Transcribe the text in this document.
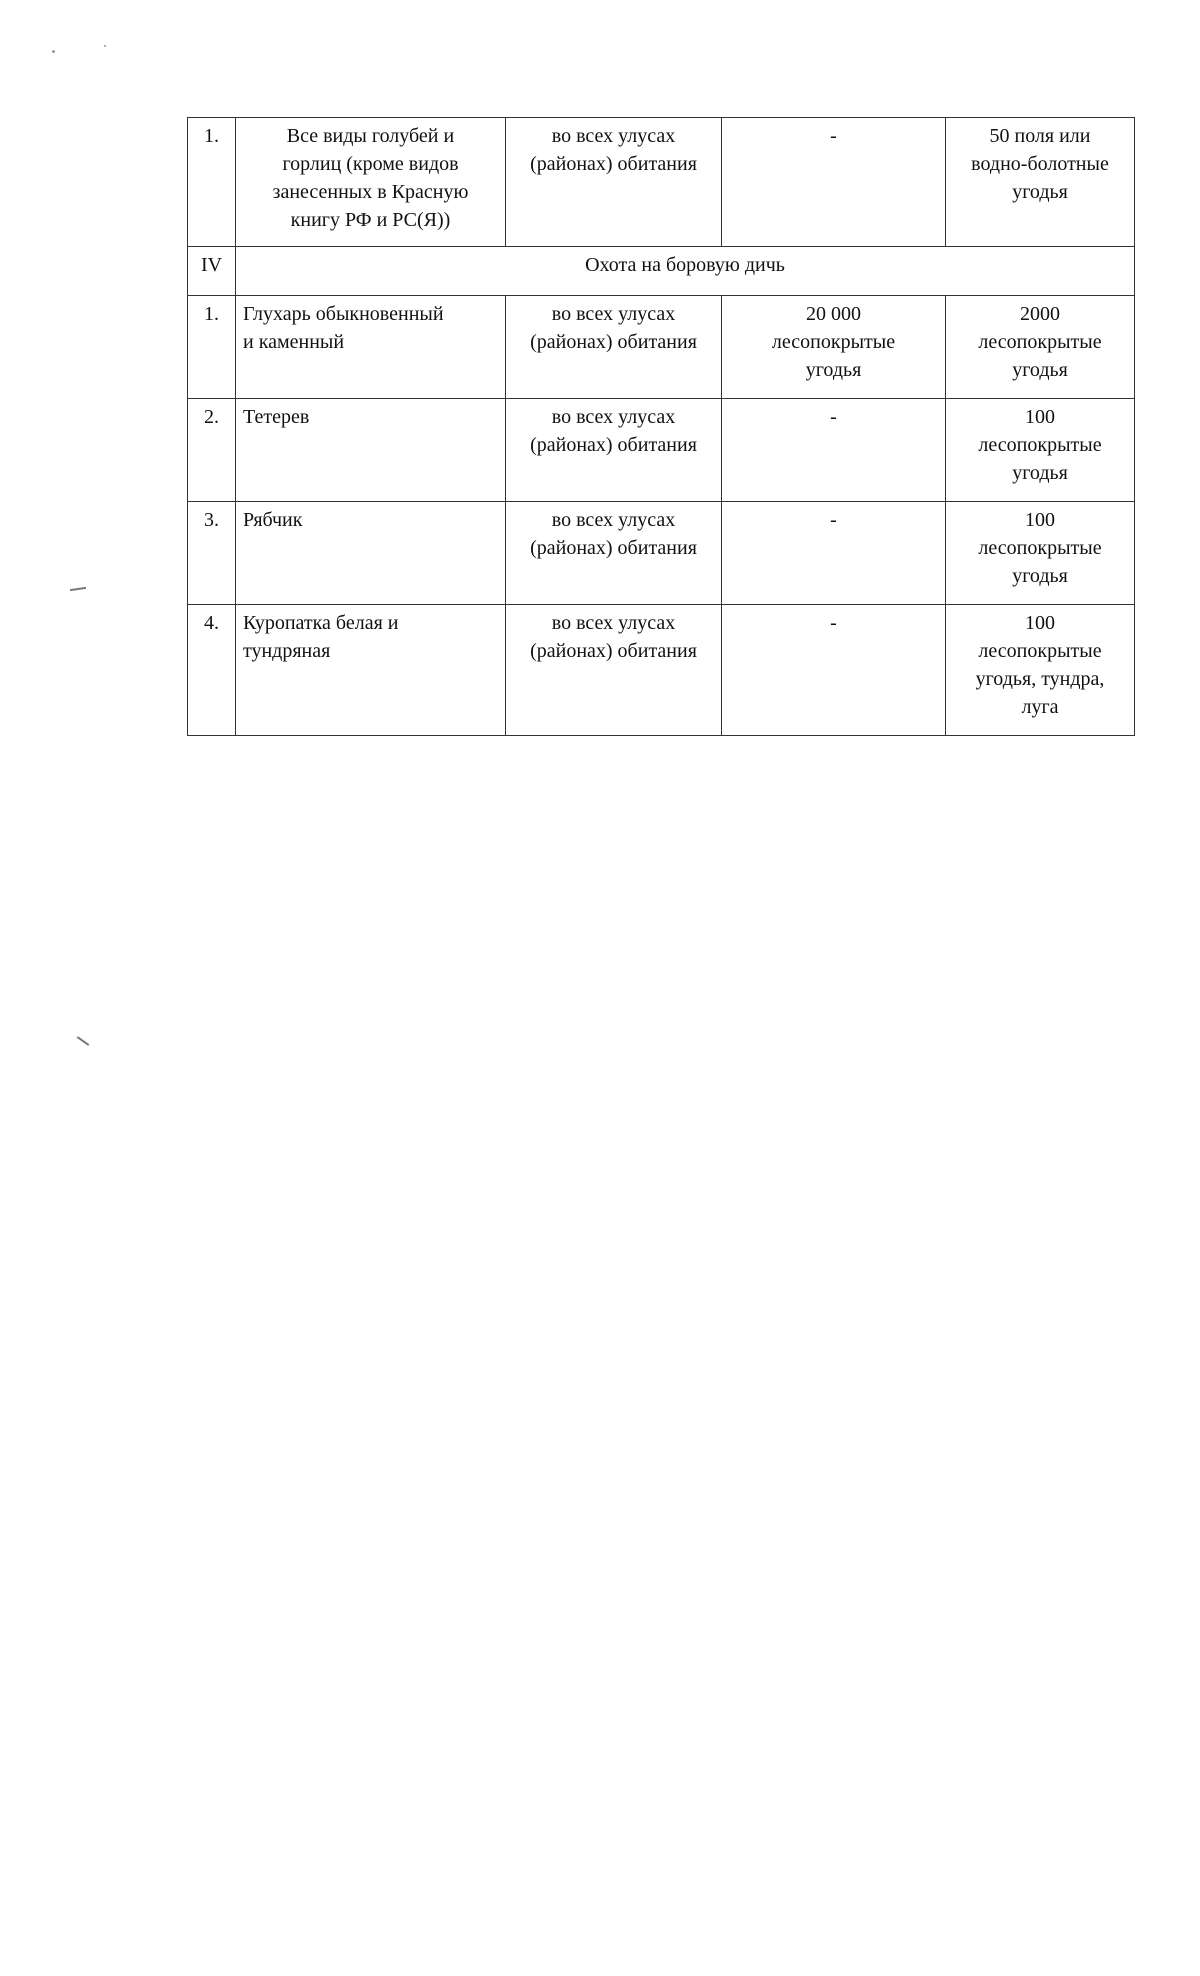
1.	Все виды голубей и
горлиц (кроме видов
занесенных в Красную
книгу РФ и РС(Я))	во всех улусах
(районах) обитания	-	50 поля или
водно-болотные
угодья

IV	Охота на боровую дичь			
1.	Глухарь обыкновенный
и каменный	во всех улусах
(районах) обитания	20 000
лесопокрытые
угодья	2000
лесопокрытые
угодья

2.	Тетерев	во всех улусах
(районах) обитания	-	100
лесопокрытые
угодья

3.	Рябчик	во всех улусах
(районах) обитания	-	100
лесопокрытые
угодья

4.	Куропатка белая и
тундряная	во всех улусах
(районах) обитания	-	100
лесопокрытые
угодья, тундра,
луга
